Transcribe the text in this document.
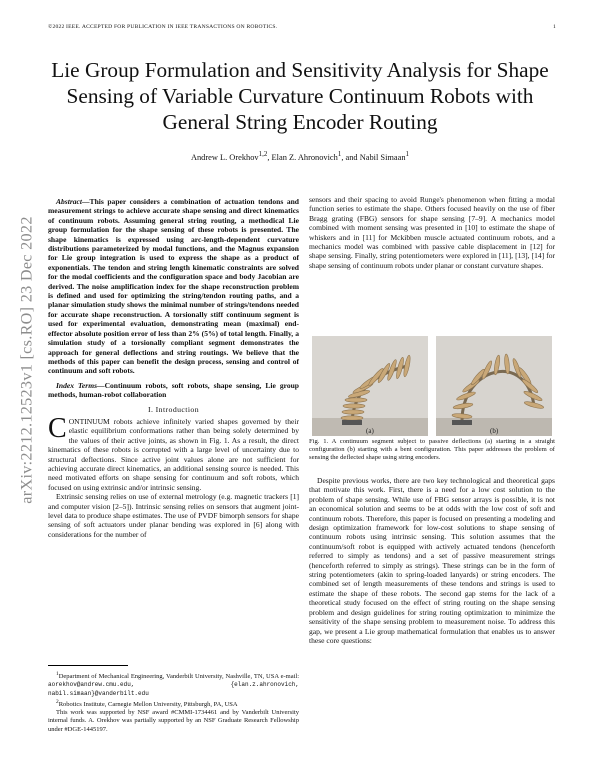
©2022 IEEE. ACCEPTED FOR PUBLICATION IN IEEE TRANSACTIONS ON ROBOTICS.	1
arXiv:2212.12523v1 [cs.RO] 23 Dec 2022
Lie Group Formulation and Sensitivity Analysis for Shape Sensing of Variable Curvature Continuum Robots with General String Encoder Routing
Andrew L. Orekhov$^{1,2}$, Elan Z. Ahronovich$^1$, and Nabil Simaan$^1$

Abstract—This paper considers a combination of actuation tendons and measurement strings to achieve accurate shape sensing and direct kinematics of continuum robots. Assuming general string routing, a methodical Lie group formulation for the shape sensing of these robots is presented. The shape kinematics is expressed using arc-length-dependent curvature distributions parameterized by modal functions, and the Magnus expansion for Lie group integration is used to express the shape as a product of exponentials. The tendon and string length kinematic constraints are solved for the modal coefficients and the configuration space and body Jacobian are derived. The noise amplification index for the shape reconstruction problem is defined and used for optimizing the string/tendon routing paths, and a planar simulation study shows the minimal number of strings/tendons needed for accurate shape reconstruction. A torsionally stiff continuum segment is used for experimental evaluation, demonstrating mean (maximal) end-effector absolute position error of less than 2% (5%) of total length. Finally, a simulation study of a torsionally compliant segment demonstrates the approach for general deflections and string routings. We believe that the methods of this paper can benefit the design process, sensing and control of continuum and soft robots.

Index Terms—Continuum robots, soft robots, shape sensing, Lie group methods, human-robot collaboration

I. Introduction

CONTINUUM robots achieve infinitely varied shapes governed by their elastic equilibrium conformations rather than being solely determined by the values of their active joints, as shown in Fig. 1. As a result, the direct kinematics of these robots is corrupted with a large level of uncertainty due to structural deflections. Since active joint values alone are not sufficient for achieving accurate direct kinematics, an additional sensing source is needed. This need motivated efforts on shape sensing for continuum and soft robots, which focused on using extrinsic and/or intrinsic sensing.

Extrinsic sensing relies on use of external metrology (e.g. magnetic trackers [1] and computer vision [2–5]). Intrinsic sensing relies on sensors that augment joint-level data to produce shape estimates. The use of PVDF bimorph sensors for shape sensing of soft actuators under planar bending was explored in [6] along with considerations for the number of

$^1$Department of Mechanical Engineering, Vanderbilt University, Nashville, TN, USA e-mail: aorekhov@andrew.cmu.edu,	{elan.z.ahronovich, nabil.simaan}@vanderbilt.edu

$^2$Robotics Institute, Carnegie Mellon University, Pittsburgh, PA, USA

This work was supported by NSF award #CMMI-1734461 and by Vanderbilt University internal funds. A. Orekhov was partially supported by an NSF Graduate Research Fellowship under #DGE-1445197.

sensors and their spacing to avoid Runge's phenomenon when fitting a modal function series to estimate the shape. Others focused heavily on the use of fiber Bragg grating (FBG) sensors for shape sensing [7–9]. A mechanics model combined with moment sensing was presented in [10] to estimate the shape of whiskers and in [11] for Mckibben muscle actuated continuum robots, and a mechanics model was combined with passive cable displacement in [12] for shape sensing. Finally, string potentiometers were explored in [11], [13], [14] for shape sensing of continuum robots under planar or constant curvature shapes.

(a)	(b)
Fig. 1. A continuum segment subject to passive deflections (a) starting in a straight configuration (b) starting with a bent configuration. This paper addresses the problem of sensing the deflected shape using string encoders.

Despite previous works, there are two key technological and theoretical gaps that motivate this work. First, there is a need for a low cost solution to the problem of shape sensing. While use of FBG sensor arrays is possible, it is not an economical solution and seems to be at odds with the low cost of soft and continuum robots. Therefore, this paper is focused on presenting a modeling and design optimization framework for low-cost solutions to shape sensing of continuum robots using intrinsic sensing. This solution assumes that the continuum/soft robot is equipped with actively actuated tendons (henceforth referred to simply as tendons) and a set of passive measurement strings (henceforth referred to simply as strings). These strings can be in the form of string potentiometers (akin to spring-loaded lanyards) or string encoders. The combined set of length measurements of these tendons and strings is used to estimate the shape of these robots. The second gap stems for the lack of a theoretical study focused on the effect of string routing on the shape sensing problem and design guidelines for string routing optimization to minimize the sensitivity of the shape sensing problem to measurement noise. To address this gap, we present a Lie group mathematical formulation that enables us to answer these core questions:
